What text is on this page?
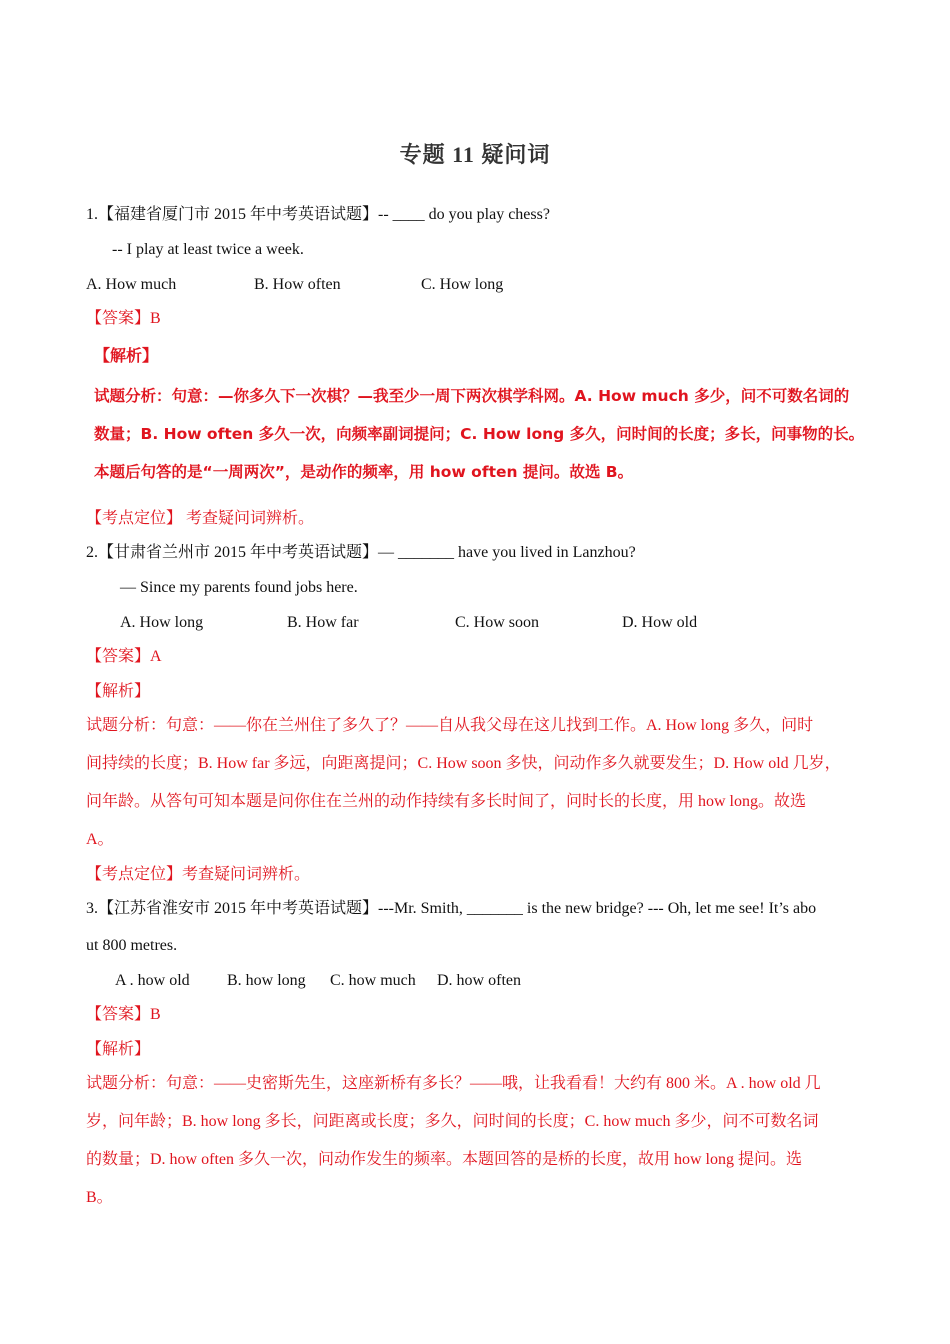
专题 11 疑问词
1.【福建省厦门市 2015 年中考英语试题】-- ____ do you play chess?
-- I play at least twice a week.
A. How much	B. How often	C. How long
【答案】B
【解析】
试题分析：句意：—你多久下一次棋？—我至少一周下两次棋学科网。A. How much 多少，问不可数名词的
数量；B. How often 多久一次，向频率副词提问；C. How long 多久，问时间的长度；多长，问事物的长。
本题后句答的是“一周两次”，是动作的频率，用 how often 提问。故选 B。
【考点定位】 考查疑问词辨析。
2.【甘肃省兰州市 2015 年中考英语试题】— _______ have you lived in Lanzhou?
— Since my parents found jobs here.
A. How long	B. How far	C. How soon	D. How old
【答案】A
【解析】
试题分析：句意：——你在兰州住了多久了？——自从我父母在这儿找到工作。A. How long 多久，问时
间持续的长度；B. How far 多远，向距离提问；C. How soon 多快，问动作多久就要发生；D. How old 几岁，
问年龄。从答句可知本题是问你住在兰州的动作持续有多长时间了，问时长的长度，用 how long。故选
A。
【考点定位】考查疑问词辨析。
3.【江苏省淮安市 2015 年中考英语试题】---Mr. Smith, _______ is the new bridge? --- Oh, let me see! It’s abo
ut 800 metres.
A . how old B. how long C. how much D. how often
【答案】B
【解析】
试题分析：句意：——史密斯先生，这座新桥有多长？——哦，让我看看！大约有 800 米。A . how old 几
岁，问年龄；B. how long 多长，问距离或长度；多久，问时间的长度；C. how much 多少，问不可数名词
的数量；D. how often 多久一次，问动作发生的频率。本题回答的是桥的长度，故用 how long 提问。选
B。
